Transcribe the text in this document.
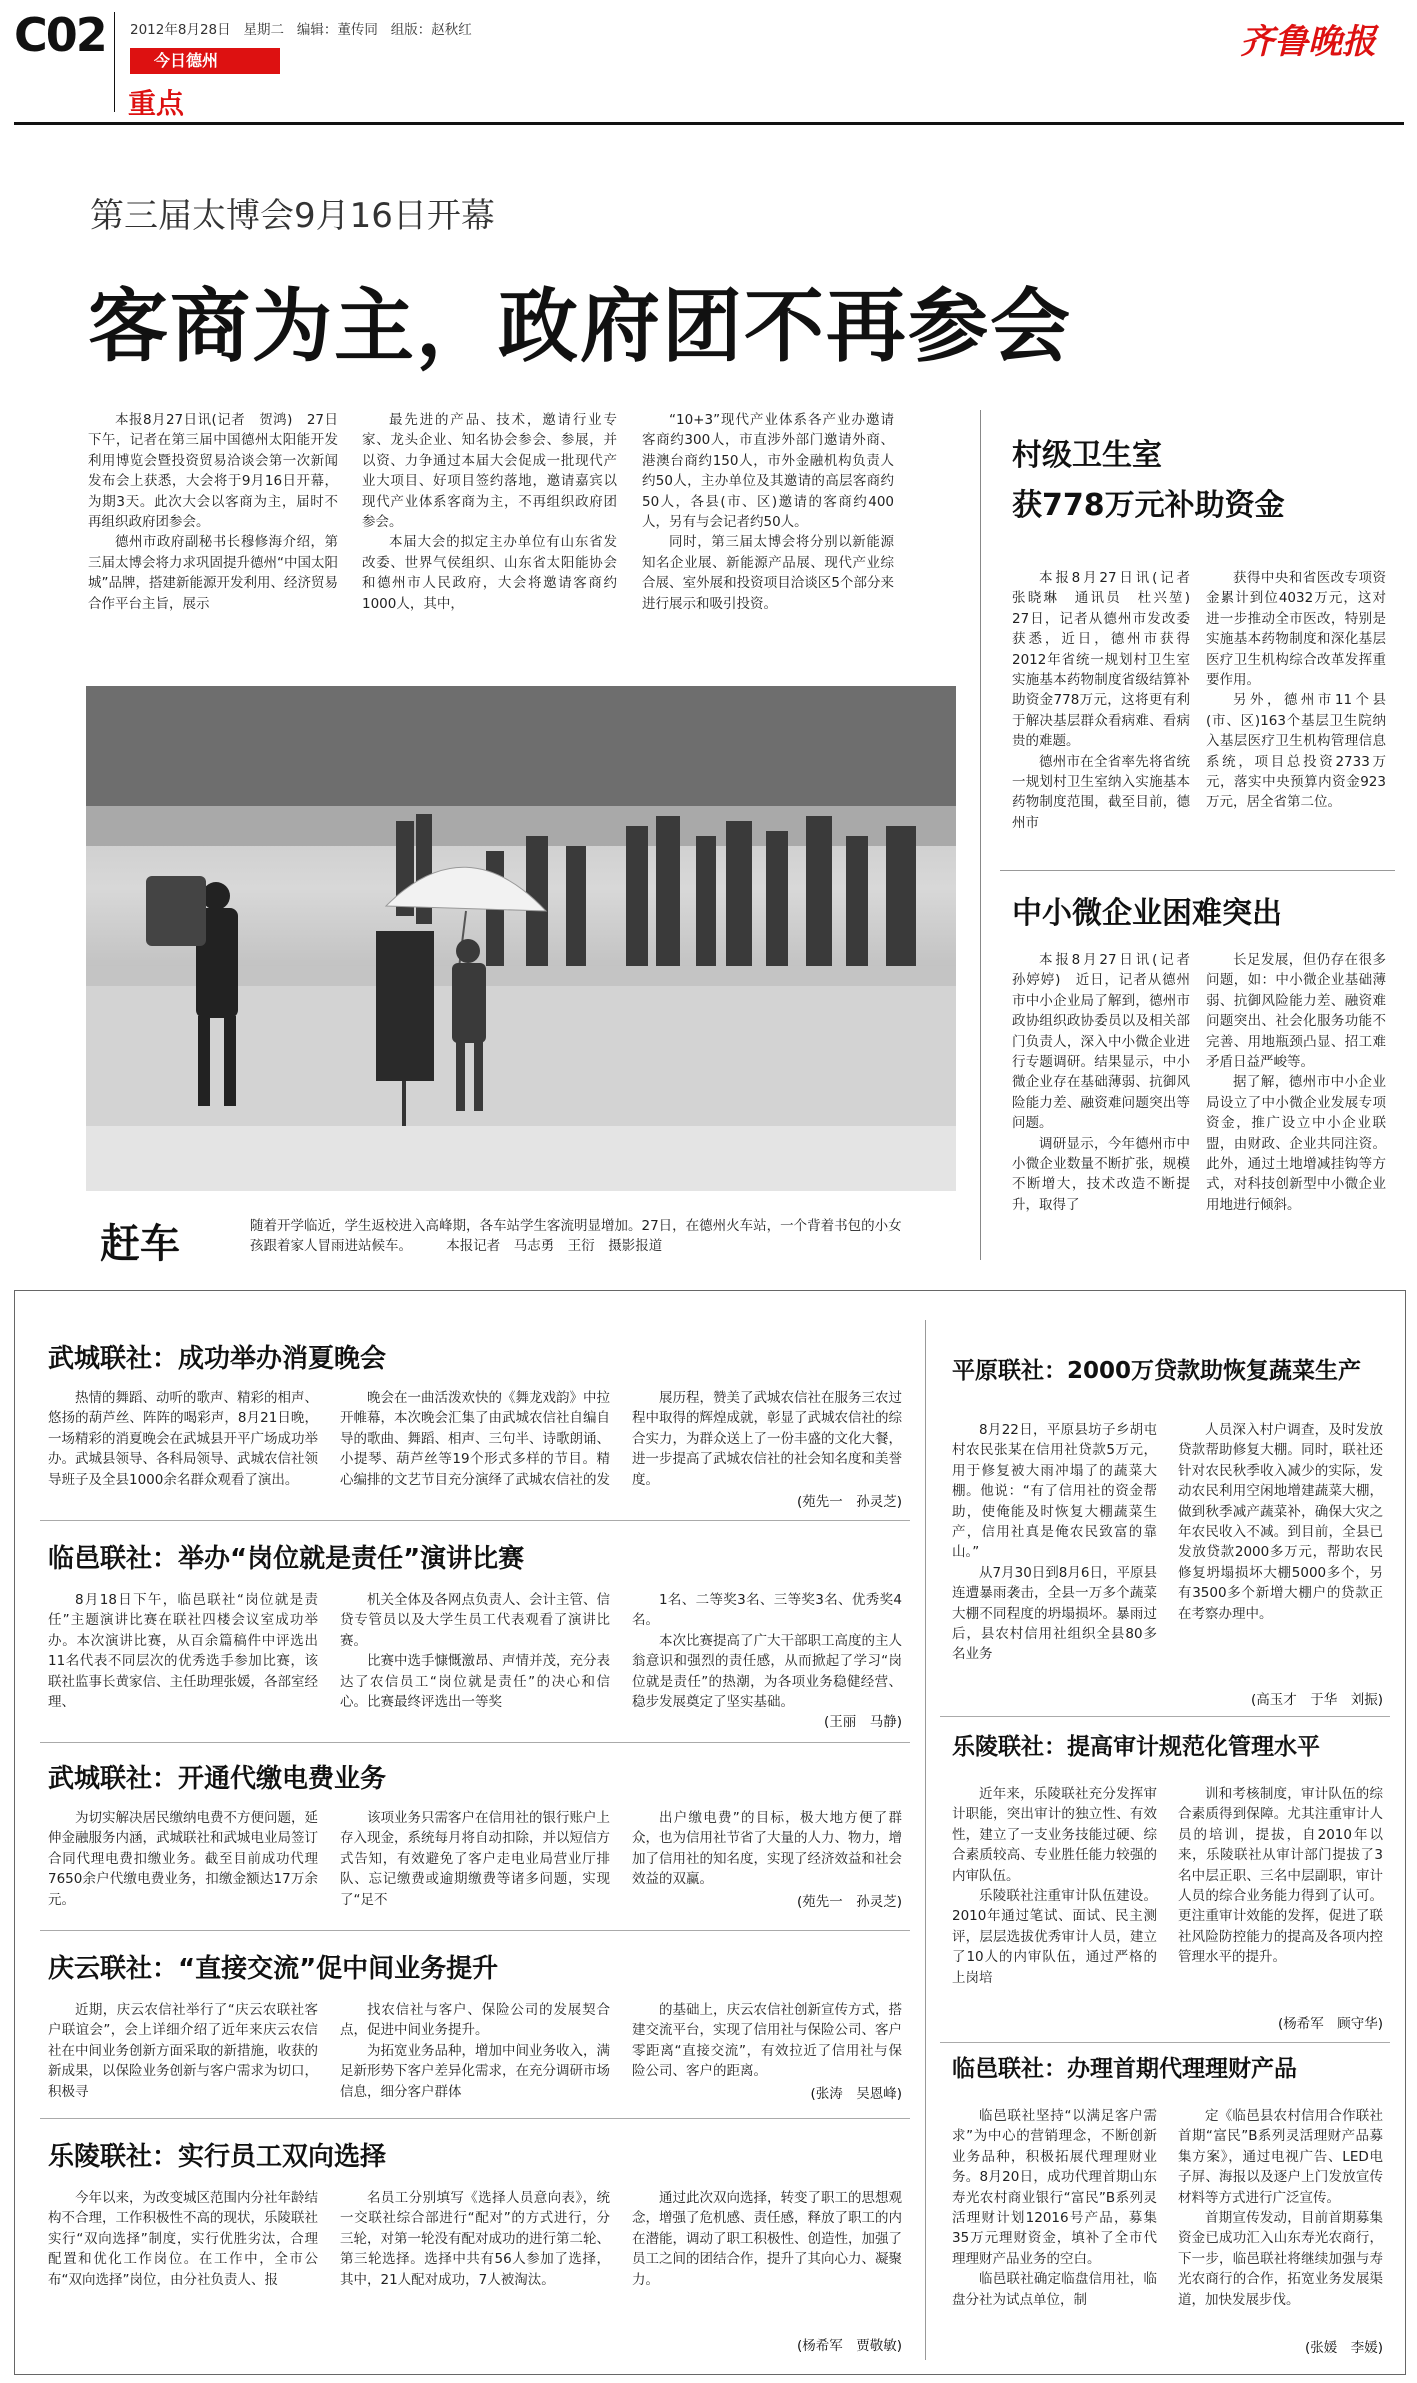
C02 2012年8月28日 星期二 编辑：董传同 组版：赵秋红
今日德州
重点
齐鲁晚报
第三届太博会9月16日开幕
客商为主，政府团不再参会

本报8月27日讯(记者　贺鸿)　27日下午，记者在第三届中国德州太阳能开发利用博览会暨投资贸易洽谈会第一次新闻发布会上获悉，大会将于9月16日开幕，为期3天。此次大会以客商为主，届时不再组织政府团参会。

德州市政府副秘书长穆修海介绍，第三届太博会将力求巩固提升德州“中国太阳城”品牌，搭建新能源开发利用、经济贸易合作平台主旨，展示

最先进的产品、技术，邀请行业专家、龙头企业、知名协会参会、参展，并以资、力争通过本届大会促成一批现代产业大项目、好项目签约落地，邀请嘉宾以现代产业体系客商为主，不再组织政府团参会。

本届大会的拟定主办单位有山东省发改委、世界气侯组织、山东省太阳能协会和德州市人民政府，大会将邀请客商约1000人，其中，

“10+3”现代产业体系各产业办邀请客商约300人，市直涉外部门邀请外商、港澳台商约150人，市外金融机构负责人约50人，主办单位及其邀请的高层客商约50人，各县(市、区)邀请的客商约400人，另有与会记者约50人。

同时，第三届太博会将分别以新能源知名企业展、新能源产品展、现代产业综合展、室外展和投资项目洽谈区5个部分来进行展示和吸引投资。

赶车	随着开学临近，学生返校进入高峰期，各车站学生客流明显增加。27日，在德州火车站，一个背着书包的小女孩跟着家人冒雨进站候车。	本报记者　马志勇　王衍　摄影报道
村级卫生室
获778万元补助资金

本报8月27日讯(记者　张晓琳　通讯员　杜兴堃)　27日，记者从德州市发改委获悉，近日，德州市获得2012年省统一规划村卫生室实施基本药物制度省级结算补助资金778万元，这将更有利于解决基层群众看病难、看病贵的难题。

德州市在全省率先将省统一规划村卫生室纳入实施基本药物制度范围，截至目前，德州市

获得中央和省医改专项资金累计到位4032万元，这对进一步推动全市医改，特别是实施基本药物制度和深化基层医疗卫生机构综合改革发挥重要作用。

另外，德州市11个县(市、区)163个基层卫生院纳入基层医疗卫生机构管理信息系统，项目总投资2733万元，落实中央预算内资金923万元，居全省第二位。

中小微企业困难突出

本报8月27日讯(记者　孙婷婷)　近日，记者从德州市中小企业局了解到，德州市政协组织政协委员以及相关部门负责人，深入中小微企业进行专题调研。结果显示，中小微企业存在基础薄弱、抗御风险能力差、融资难问题突出等问题。

调研显示，今年德州市中小微企业数量不断扩张，规模不断增大，技术改造不断提升，取得了

长足发展，但仍存在很多问题，如：中小微企业基础薄弱、抗御风险能力差、融资难问题突出、社会化服务功能不完善、用地瓶颈凸显、招工难矛盾日益严峻等。

据了解，德州市中小企业局设立了中小微企业发展专项资金，推广设立中小企业联盟，由财政、企业共同注资。此外，通过土地增减挂钩等方式，对科技创新型中小微企业用地进行倾斜。

武城联社：成功举办消夏晚会

热情的舞蹈、动听的歌声、精彩的相声、悠扬的葫芦丝、阵阵的喝彩声，8月21日晚，一场精彩的消夏晚会在武城县开平广场成功举办。武城县领导、各科局领导、武城农信社领导班子及全县1000余名群众观看了演出。

晚会在一曲活泼欢快的《舞龙戏韵》中拉开帷幕，本次晚会汇集了由武城农信社自编自导的歌曲、舞蹈、相声、三句半、诗歌朗诵、小提琴、葫芦丝等19个形式多样的节目。精心编排的文艺节目充分演绎了武城农信社的发

展历程，赞美了武城农信社在服务三农过程中取得的辉煌成就，彰显了武城农信社的综合实力，为群众送上了一份丰盛的文化大餐，进一步提高了武城农信社的社会知名度和美誉度。

(苑先一　孙灵芝)
临邑联社：举办“岗位就是责任”演讲比赛

8月18日下午，临邑联社“岗位就是责任”主题演讲比赛在联社四楼会议室成功举办。本次演讲比赛，从百余篇稿件中评选出11名代表不同层次的优秀选手参加比赛，该联社监事长黄家信、主任助理张媛，各部室经理、

机关全体及各网点负责人、会计主管、信贷专管员以及大学生员工代表观看了演讲比赛。

比赛中选手慷慨激昂、声情并茂，充分表达了农信员工“岗位就是责任”的决心和信心。比赛最终评选出一等奖

1名、二等奖3名、三等奖3名、优秀奖4名。

本次比赛提高了广大干部职工高度的主人翁意识和强烈的责任感，从而掀起了学习“岗位就是责任”的热潮，为各项业务稳健经营、稳步发展奠定了坚实基础。

(王丽　马静)
武城联社：开通代缴电费业务

为切实解决居民缴纳电费不方便问题，延伸金融服务内涵，武城联社和武城电业局签订合同代理电费扣缴业务。截至目前成功代理7650余户代缴电费业务，扣缴金额达17万余元。

该项业务只需客户在信用社的银行账户上存入现金，系统每月将自动扣除，并以短信方式告知，有效避免了客户走电业局营业厅排队、忘记缴费或逾期缴费等诸多问题，实现了“足不

出户缴电费”的目标，极大地方便了群众，也为信用社节省了大量的人力、物力，增加了信用社的知名度，实现了经济效益和社会效益的双赢。

(苑先一　孙灵芝)
庆云联社：“直接交流”促中间业务提升

近期，庆云农信社举行了“庆云农联社客户联谊会”，会上详细介绍了近年来庆云农信社在中间业务创新方面采取的新措施，收获的新成果，以保险业务创新与客户需求为切口，积极寻

找农信社与客户、保险公司的发展契合点，促进中间业务提升。

为拓宽业务品种，增加中间业务收入，满足新形势下客户差异化需求，在充分调研市场信息，细分客户群体

的基础上，庆云农信社创新宣传方式，搭建交流平台，实现了信用社与保险公司、客户零距离“直接交流”，有效拉近了信用社与保险公司、客户的距离。

(张涛　吴恩峰)
乐陵联社：实行员工双向选择

今年以来，为改变城区范围内分社年龄结构不合理，工作积极性不高的现状，乐陵联社实行“双向选择”制度，实行优胜劣汰，合理配置和优化工作岗位。在工作中，全市公布“双向选择”岗位，由分社负责人、报

名员工分别填写《选择人员意向表》，统一交联社综合部进行“配对”的方式进行，分三轮，对第一轮没有配对成功的进行第二轮、第三轮选择。选择中共有56人参加了选择，其中，21人配对成功，7人被淘汰。

通过此次双向选择，转变了职工的思想观念，增强了危机感、责任感，释放了职工的内在潜能，调动了职工积极性、创造性，加强了员工之间的团结合作，提升了其向心力、凝聚力。

(杨希军　贾敬敏)
平原联社：2000万贷款助恢复蔬菜生产

8月22日，平原县坊子乡胡屯村农民张某在信用社贷款5万元，用于修复被大雨冲塌了的蔬菜大棚。他说：“有了信用社的资金帮助，使俺能及时恢复大棚蔬菜生产，信用社真是俺农民致富的靠山。”

从7月30日到8月6日，平原县连遭暴雨袭击，全县一万多个蔬菜大棚不同程度的坍塌损坏。暴雨过后，县农村信用社组织全县80多名业务

人员深入村户调查，及时发放贷款帮助修复大棚。同时，联社还针对农民秋季收入减少的实际，发动农民利用空闲地增建蔬菜大棚，做到秋季减产蔬菜补，确保大灾之年农民收入不减。到目前，全县已发放贷款2000多万元，帮助农民修复坍塌损坏大棚5000多个，另有3500多个新增大棚户的贷款正在考察办理中。

(高玉才　于华　刘振)
乐陵联社：提高审计规范化管理水平

近年来，乐陵联社充分发挥审计职能，突出审计的独立性、有效性，建立了一支业务技能过硬、综合素质较高、专业胜任能力较强的内审队伍。

乐陵联社注重审计队伍建设。2010年通过笔试、面试、民主测评，层层选拔优秀审计人员，建立了10人的内审队伍，通过严格的上岗培

训和考核制度，审计队伍的综合素质得到保障。尤其注重审计人员的培训，提拔，自2010年以来，乐陵联社从审计部门提拔了3名中层正职、三名中层副职，审计人员的综合业务能力得到了认可。更注重审计效能的发挥，促进了联社风险防控能力的提高及各项内控管理水平的提升。

(杨希军　顾守华)
临邑联社：办理首期代理理财产品

临邑联社坚持“以满足客户需求”为中心的营销理念，不断创新业务品种，积极拓展代理理财业务。8月20日，成功代理首期山东寿光农村商业银行“富民”B系列灵活理财计划12016号产品，募集35万元理财资金，填补了全市代理理财产品业务的空白。

临邑联社确定临盘信用社，临盘分社为试点单位，制

定《临邑县农村信用合作联社首期“富民”B系列灵活理财产品募集方案》，通过电视广告、LED电子屏、海报以及逐户上门发放宣传材料等方式进行广泛宣传。

首期宣传发动，目前首期募集资金已成功汇入山东寿光农商行，下一步，临邑联社将继续加强与寿光农商行的合作，拓宽业务发展渠道，加快发展步伐。

(张媛　李媛)
